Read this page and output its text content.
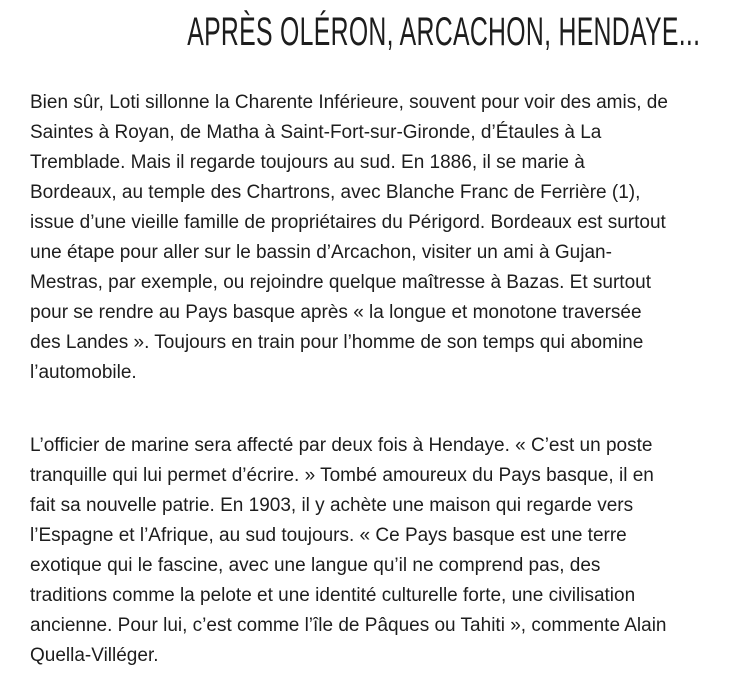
APRÈS OLÉRON, ARCACHON, HENDAYE...

Bien sûr, Loti sillonne la Charente Inférieure, souvent pour voir des amis, de
Saintes à Royan, de Matha à Saint-Fort-sur-Gironde, d’Étaules à La
Tremblade. Mais il regarde toujours au sud. En 1886, il se marie à
Bordeaux, au temple des Chartrons, avec Blanche Franc de Ferrière (1),
issue d’une vieille famille de propriétaires du Périgord. Bordeaux est surtout
une étape pour aller sur le bassin d’Arcachon, visiter un ami à Gujan-
Mestras, par exemple, ou rejoindre quelque maîtresse à Bazas. Et surtout
pour se rendre au Pays basque après « la longue et monotone traversée
des Landes ». Toujours en train pour l’homme de son temps qui abomine
l’automobile.

L’officier de marine sera affecté par deux fois à Hendaye. « C’est un poste
tranquille qui lui permet d’écrire. » Tombé amoureux du Pays basque, il en
fait sa nouvelle patrie. En 1903, il y achète une maison qui regarde vers
l’Espagne et l’Afrique, au sud toujours. « Ce Pays basque est une terre
exotique qui le fascine, avec une langue qu’il ne comprend pas, des
traditions comme la pelote et une identité culturelle forte, une civilisation
ancienne. Pour lui, c’est comme l’île de Pâques ou Tahiti », commente Alain
Quella-Villéger.
